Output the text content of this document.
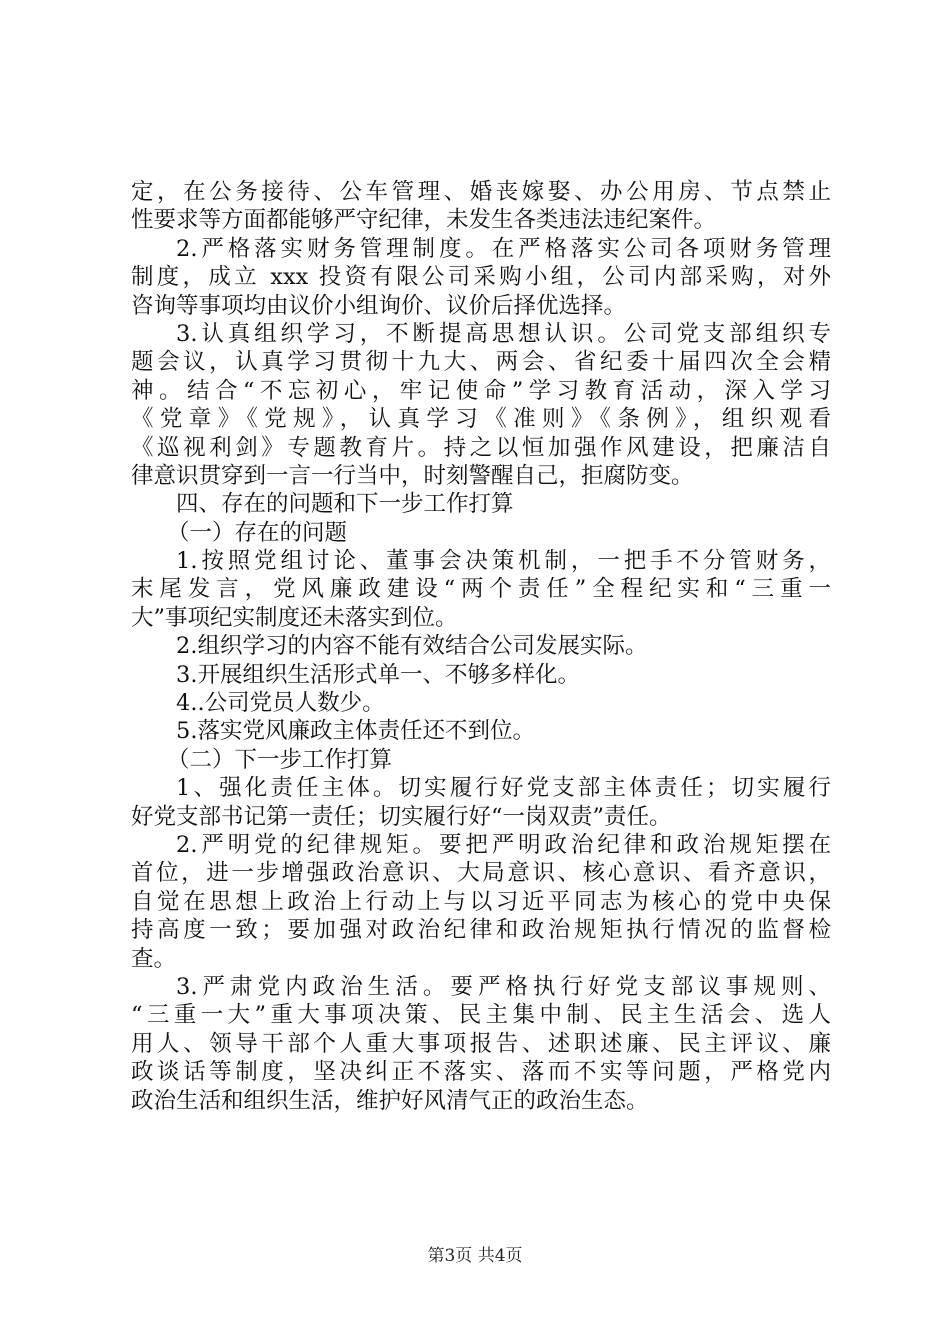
定，在公务接待、公车管理、婚丧嫁娶、办公用房、节点禁止
性要求等方面都能够严守纪律，未发生各类违法违纪案件。
2.严格落实财务管理制度。在严格落实公司各项财务管理
制度，成立 xxx 投资有限公司采购小组，公司内部采购，对外
咨询等事项均由议价小组询价、议价后择优选择。
3.认真组织学习，不断提高思想认识。公司党支部组织专
题会议，认真学习贯彻十九大、两会、省纪委十届四次全会精
神。结合“不忘初心，牢记使命”学习教育活动，深入学习
《党章》《党规》，认真学习《准则》《条例》，组织观看
《巡视利剑》专题教育片。持之以恒加强作风建设，把廉洁自
律意识贯穿到一言一行当中，时刻警醒自己，拒腐防变。
四、存在的问题和下一步工作打算
（一）存在的问题
1.按照党组讨论、董事会决策机制，一把手不分管财务，
末尾发言，党风廉政建设“两个责任”全程纪实和“三重一
大”事项纪实制度还未落实到位。
2.组织学习的内容不能有效结合公司发展实际。
3.开展组织生活形式单一、不够多样化。
4..公司党员人数少。
5.落实党风廉政主体责任还不到位。
（二）下一步工作打算
1、强化责任主体。切实履行好党支部主体责任；切实履行
好党支部书记第一责任；切实履行好“一岗双责”责任。
2.严明党的纪律规矩。要把严明政治纪律和政治规矩摆在
首位，进一步增强政治意识、大局意识、核心意识、看齐意识，
自觉在思想上政治上行动上与以习近平同志为核心的党中央保
持高度一致；要加强对政治纪律和政治规矩执行情况的监督检
查。
3.严肃党内政治生活。要严格执行好党支部议事规则、
“三重一大”重大事项决策、民主集中制、民主生活会、选人
用人、领导干部个人重大事项报告、述职述廉、民主评议、廉
政谈话等制度，坚决纠正不落实、落而不实等问题，严格党内
政治生活和组织生活，维护好风清气正的政治生态。
第3页 共4页
